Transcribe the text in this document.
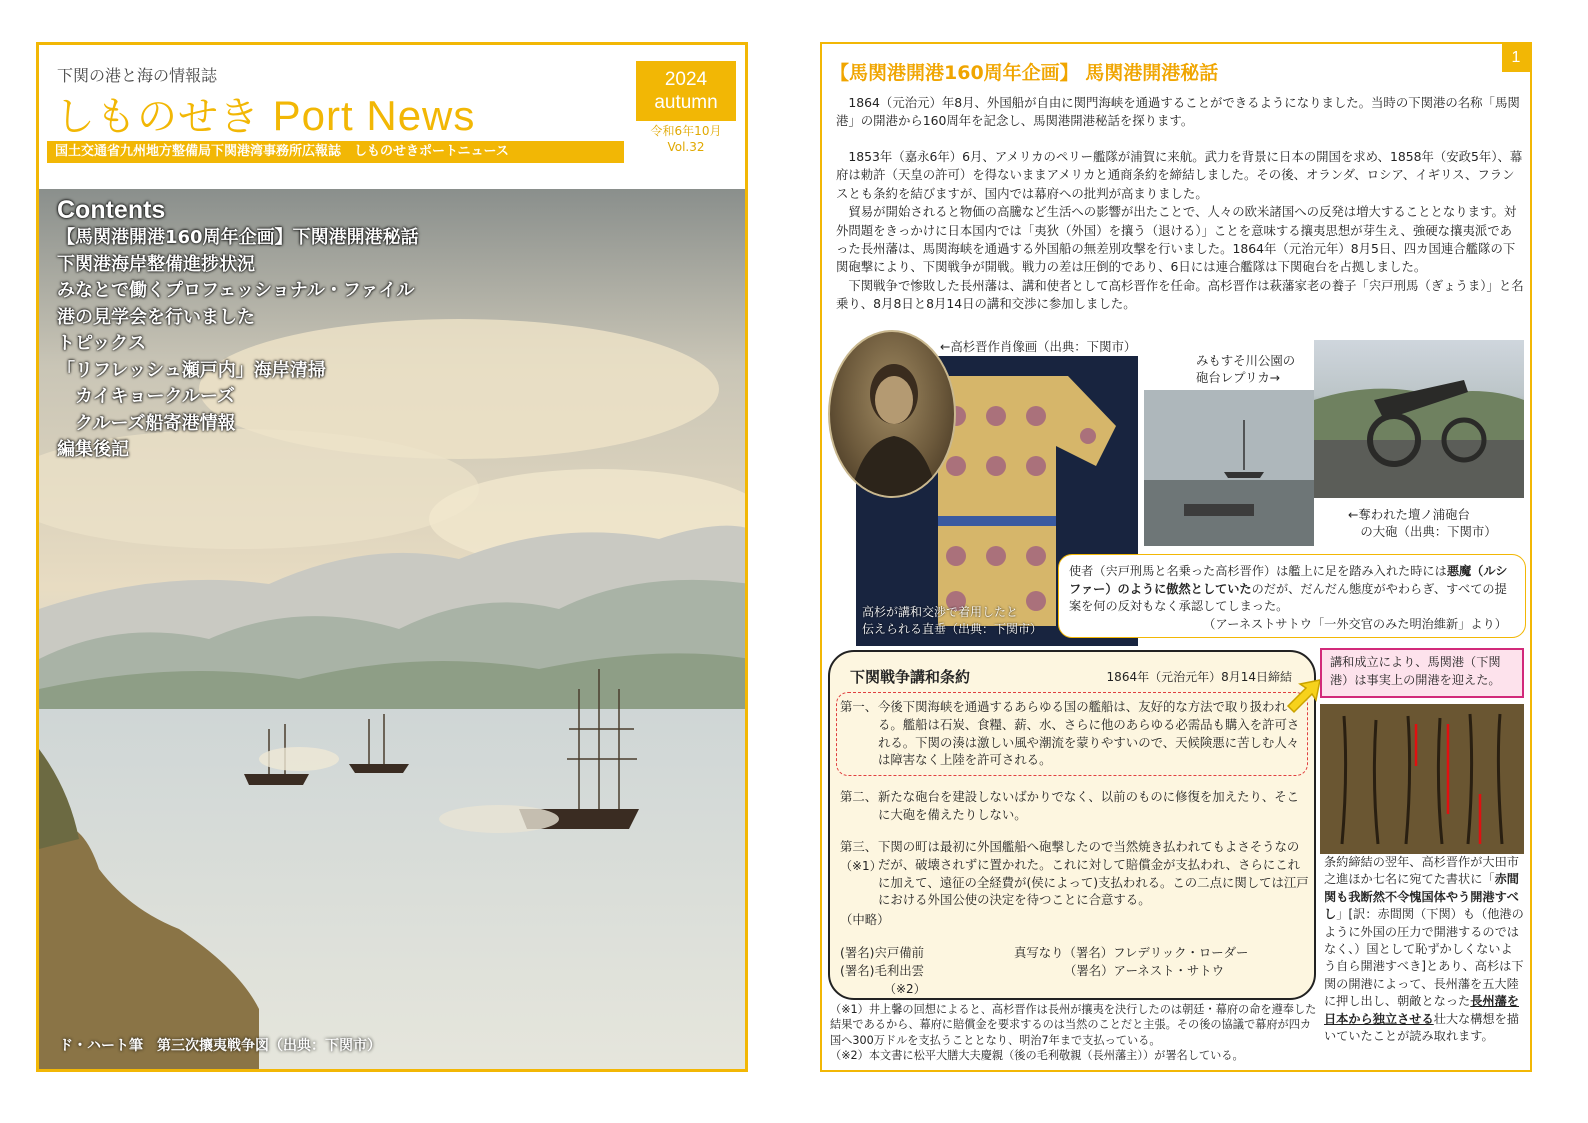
下関の港と海の情報誌
しものせき Port News
2024
autumn
令和6年10月
Vol.32
国土交通省九州地方整備局下関港湾事務所広報誌　しものせきポートニュース
Contents
【馬関港開港160周年企画】下関港開港秘話
下関港海岸整備進捗状況
みなとで働くプロフェッショナル・ファイル
港の見学会を行いました
トピックス
「リフレッシュ瀬戸内」海岸清掃
　カイキョークルーズ
　クルーズ船寄港情報
編集後記
ド・ハート筆　第三次攘夷戦争図（出典：下関市）
1
【馬関港開港160周年企画】 馬関港開港秘話
　1864（元治元）年8月、外国船が自由に関門海峡を通過することができるようになりました。当時の下関港の名称「馬関港」の開港から160周年を記念し、馬関港開港秘話を探ります。
　1853年（嘉永6年）6月、アメリカのペリー艦隊が浦賀に来航。武力を背景に日本の開国を求め、1858年（安政5年）、幕府は勅許（天皇の許可）を得ないままアメリカと通商条約を締結しました。その後、オランダ、ロシア、イギリス、フランスとも条約を結びますが、国内では幕府への批判が高まりました。
　貿易が開始されると物価の高騰など生活への影響が出たことで、人々の欧米諸国への反発は増大することとなります。対外問題をきっかけに日本国内では「夷狄（外国）を攘う（退ける）」ことを意味する攘夷思想が芽生え、強硬な攘夷派であった長州藩は、馬関海峡を通過する外国船の無差別攻撃を行いました。1864年（元治元年）8月5日、四カ国連合艦隊の下関砲撃により、下関戦争が開戦。戦力の差は圧倒的であり、6日には連合艦隊は下関砲台を占拠しました。
　下関戦争で惨敗した長州藩は、講和使者として高杉晋作を任命。高杉晋作は萩藩家老の養子「宍戸刑馬（ぎょうま）」と名乗り、8月8日と8月14日の講和交渉に参加しました。
←高杉晋作肖像画（出典：下関市）
みもすそ川公園の
砲台レプリカ→
←奪われた壇ノ浦砲台
　の大砲（出典：下関市）
高杉が講和交渉で着用したと
伝えられる直垂（出典：下関市）
使者（宍戸刑馬と名乗った高杉晋作）は艦上に足を踏み入れた時には悪魔（ルシファー）のように傲然としていたのだが、だんだん態度がやわらぎ、すべての提案を何の反対もなく承認してしまった。
（アーネストサトウ「一外交官のみた明治維新」より）
下関戦争講和条約	1864年（元治元年）8月14日締結
第一、 今後下関海峡を通過するあらゆる国の艦船は、友好的な方法で取り扱われる。艦船は石炭、食糧、薪、水、さらに他のあらゆる必需品も購入を許可される。下関の湊は激しい風や潮流を蒙りやすいので、天候険悪に苦しむ人々は障害なく上陸を許可される。
第二、 新たな砲台を建設しないばかりでなく、以前のものに修復を加えたり、そこに大砲を備えたりしない。
第三、 下関の町は最初に外国艦船へ砲撃したので当然焼き払われてもよさそうなのだが、破壊されずに置かれた。これに対して賠償金が支払われ、さらにこれに加えて、遠征の全経費が(侯によって)支払われる。この二点に関しては江戸における外国公使の決定を待つことに合意する。
（※1）
（中略）
(署名)宍戸備前
(署名)毛利出雲
真写なり（署名）フレデリック・ローダー
（署名）アーネスト・サトウ
（※2）
（※1）井上馨の回想によると、高杉晋作は長州が攘夷を決行したのは朝廷・幕府の命を遵奉した結果であるから、幕府に賠償金を要求するのは当然のことだと主張。その後の協議で幕府が四カ国へ300万ドルを支払うこととなり、明治7年まで支払っている。
（※2）本文書に松平大膳大夫慶親（後の毛利敬親（長州藩主））が署名している。
講和成立により、馬関港（下関港）は事実上の開港を迎えた。
条約締結の翌年、高杉晋作が大田市之進ほか七名に宛てた書状に「赤間関も我断然不令愧国体やう開港すべし」[訳：赤間関（下関）も（他港のように外国の圧力で開港するのではなく、）国として恥ずかしくないよう自ら開港すべき]とあり、高杉は下関の開港によって、長州藩を五大陸に押し出し、朝敵となった長州藩を日本から独立させる壮大な構想を描いていたことが読み取れます。
